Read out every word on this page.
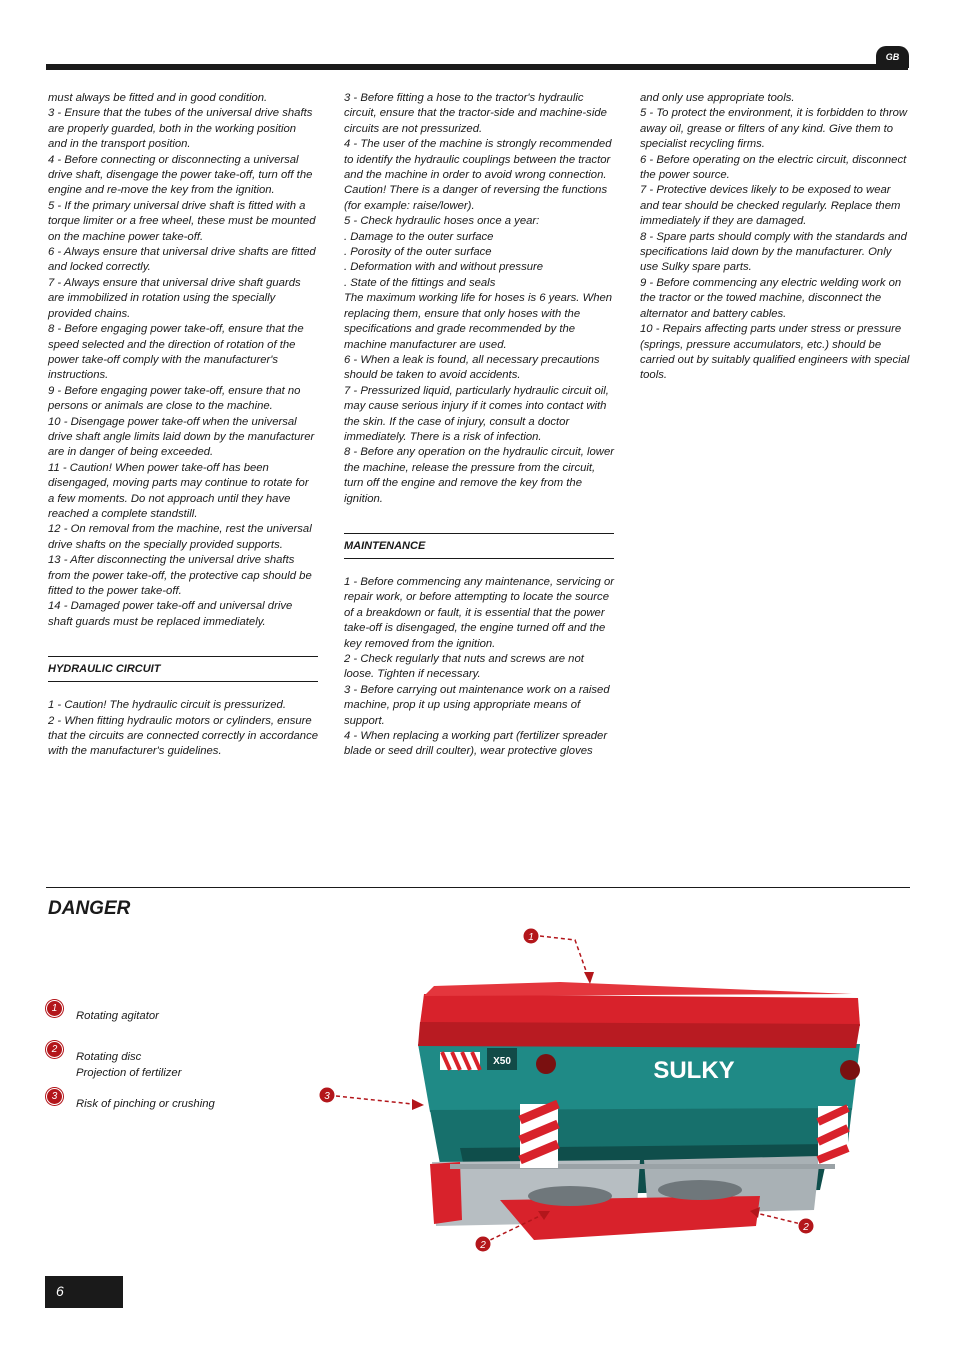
GB

must always be fitted and in good condition.

3 - Ensure that the tubes of the universal drive shafts are properly guarded, both in the working position and in the transport position.

4 - Before connecting or disconnecting a universal drive shaft, disengage the power take-off, turn off the engine and re-move the key from the ignition.

5 - If the primary universal drive shaft is fitted with a torque limiter or a free wheel, these must be mounted on the machine power take-off.

6 - Always ensure that universal drive shafts are fitted and locked correctly.

7 - Always ensure that universal drive shaft guards are immobilized in rotation using the specially provided chains.

8 - Before engaging power take-off, ensure that the speed selected and the direction of rotation of the power take-off comply with the manufacturer's instructions.

9 - Before engaging power take-off, ensure that no persons or animals are close to the machine.

10 - Disengage power take-off when the universal drive shaft angle limits laid down by the manufacturer are in danger of being exceeded.

11 - Caution! When power take-off has been disengaged, moving parts may continue to rotate for a few moments. Do not approach until they have reached a complete standstill.

12 - On removal from the machine, rest the universal drive shafts on the specially provided supports.

13 - After disconnecting the universal drive shafts from the power take-off, the protective cap should be fitted to the power take-off.

14 - Damaged power take-off and universal drive shaft guards must be replaced immediately.

HYDRAULIC CIRCUIT

1 - Caution! The hydraulic circuit is pressurized.

2 - When fitting hydraulic motors or cylinders, ensure that the circuits are connected correctly in accordance with the manufacturer's guidelines.

3 - Before fitting a hose to the tractor's hydraulic circuit, ensure that the tractor-side and machine-side circuits are not pressurized.

4 - The user of the machine is strongly recommended to identify the hydraulic couplings between the tractor and the machine in order to avoid wrong connection. Caution! There is a danger of reversing the functions (for example: raise/lower).

5 - Check hydraulic hoses once a year:

. Damage to the outer surface

. Porosity of the outer surface

. Deformation with and without pressure

. State of the fittings and seals

The maximum working life for hoses is 6 years. When replacing them, ensure that only hoses with the specifications and grade recommended by the machine manufacturer are used.

6 - When a leak is found, all necessary precautions should be taken to avoid accidents.

7 - Pressurized liquid, particularly hydraulic circuit oil, may cause serious injury if it comes into contact with the skin. If the case of injury, consult a doctor immediately. There is a risk of infection.

8 - Before any operation on the hydraulic circuit, lower the machine, release the pressure from the circuit, turn off the engine and remove the key from the ignition.

MAINTENANCE

1 - Before commencing any maintenance, servicing or repair work, or before attempting to locate the source of a breakdown or fault, it is essential that the power take-off is disengaged, the engine turned off and the key removed from the ignition.

2 - Check regularly that nuts and screws are not loose. Tighten if necessary.

3 - Before carrying out maintenance work on a raised machine, prop it up using appropriate means of support.

4 - When replacing a working part (fertilizer spreader blade or seed drill coulter), wear protective gloves

and only use appropriate tools.

5 - To protect the environment, it is forbidden to throw away oil, grease or filters of any kind. Give them to specialist recycling firms.

6 - Before operating on the electric circuit, disconnect the power source.

7 - Protective devices likely to be exposed to wear and tear should be checked regularly. Replace them immediately if they are damaged.

8 - Spare parts should comply with the standards and specifications laid down by the manufacturer. Only use Sulky spare parts.

9 - Before commencing any electric welding work on the tractor or the towed machine, disconnect the alternator and battery cables.

10 - Repairs affecting parts under stress or pressure (springs, pressure accumulators, etc.) should be carried out by suitably qualified engineers with special tools.

DANGER
1
Rotating agitator
2
Rotating disc
Projection of fertilizer
3
Risk of pinching or crushing
X50	SULKY
1
3
2
2
6
